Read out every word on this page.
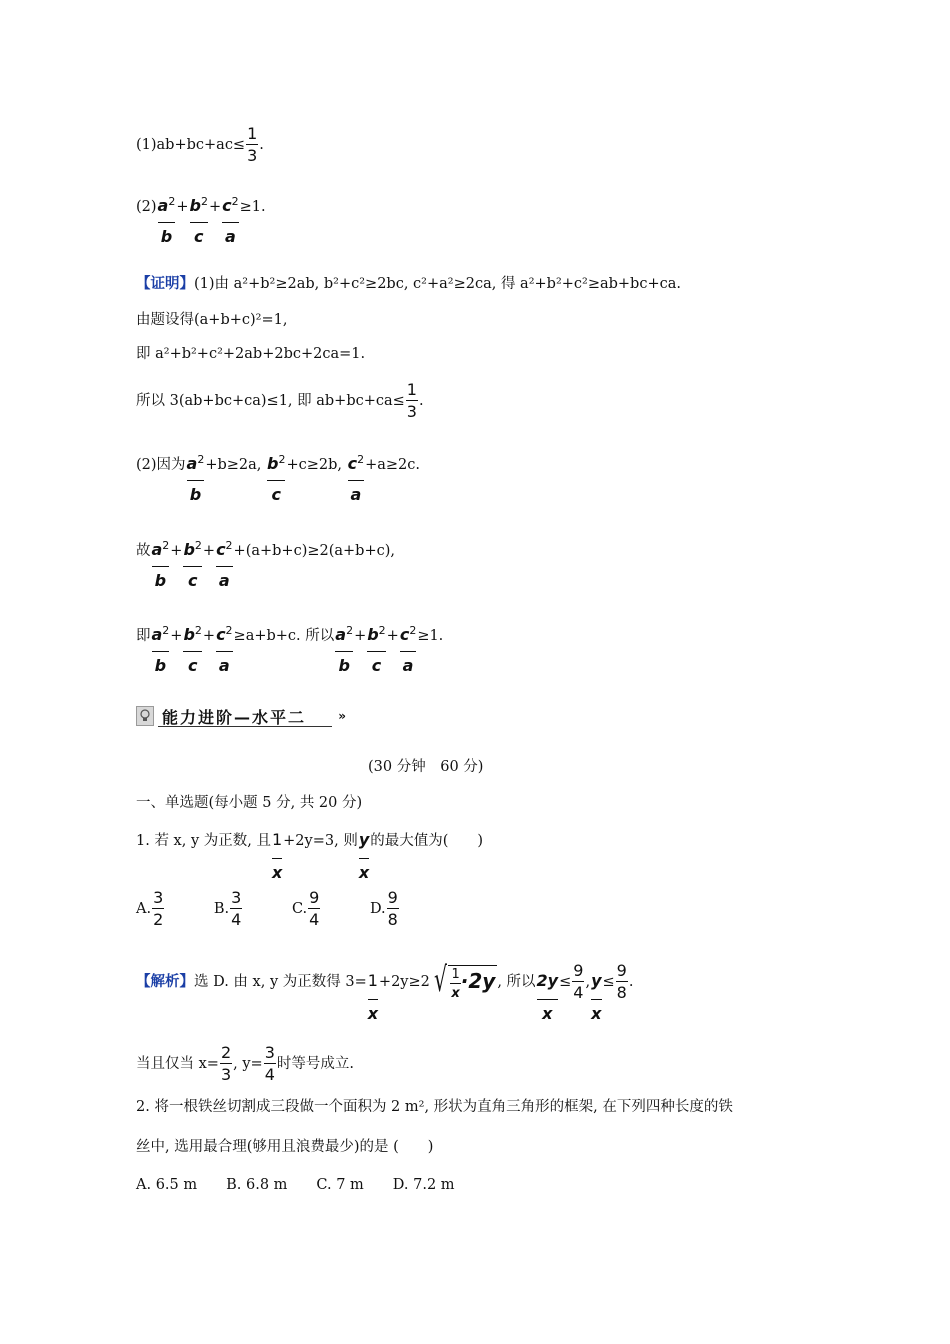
$(1)ab+bc+ac\le \frac{1}{3}$ .
$(2) \frac{a^2}{b} + \frac{b^2}{c} + \frac{c^2}{a} \ge 1$.
【证明】(1)由 a²+b²≥2ab, b²+c²≥2bc, c²+a²≥2ca, 得 a²+b²+c²≥ab+bc+ca.
由题设得(a+b+c)²=1,
即 a²+b²+c²+2ab+2bc+2ca=1.
所以 3(ab+bc+ca)≤1, 即 $ab+bc+ca\le \frac{1}{3}$ .
(2)因为 $\frac{a^2}{b} +b\ge 2a$, $\frac{b^2}{c} +c\ge 2b$, $\frac{c^2}{a} +a\ge 2c$.
故 $\frac{a^2}{b} + \frac{b^2}{c} + \frac{c^2}{a} +(a+b+c)\ge 2(a+b+c)$,
即 $\frac{a^2}{b} + \frac{b^2}{c} + \frac{c^2}{a} \ge a+b+c$. 所以 $\frac{a^2}{b} + \frac{b^2}{c} + \frac{c^2}{a} \ge 1$.
能力进阶—水平二	»
(30 分钟　60 分)
一、单选题(每小题 5 分, 共 20 分)
1. 若 x, y 为正数, 且 $\frac{1}{x} +2y=3$, 则 $\frac{y}{x}$ 的最大值为(　　)
A. $\frac{3}{2}$	B. $\frac{3}{4}$	C. $\frac{9}{4}$	D. $\frac{9}{8}$
【解析】选 D. 由 x, y 为正数得 $3= \frac{1}{x} +2y\ge 2$ √ $\frac{1}{x} \cdot 2y$ , 所以 $\frac{2y}{x} \le \frac{9}{4}$ , $\frac{y}{x} \le \frac{9}{8}$ .
当且仅当 $x= \frac{2}{3}$ , $y= \frac{3}{4}$ 时等号成立.
2. 将一根铁丝切割成三段做一个面积为 2 m², 形状为直角三角形的框架, 在下列四种长度的铁
丝中, 选用最合理(够用且浪费最少)的是 (　　)
A. 6.5 m　　B. 6.8 m　　C. 7 m　　D. 7.2 m
